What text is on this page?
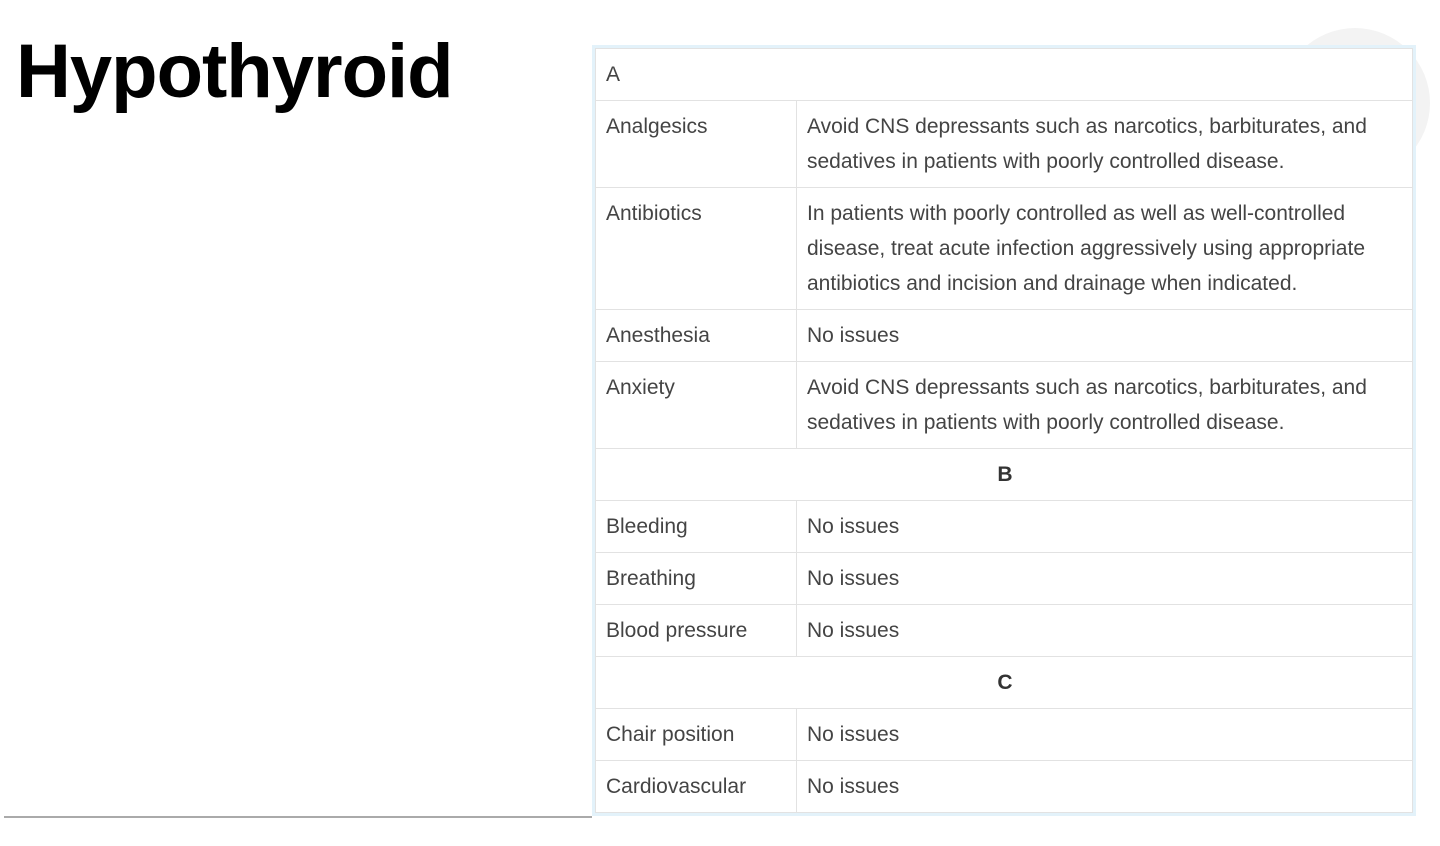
Hypothyroid	A	
Analgesics	Avoid CNS depressants such as narcotics, barbiturates, and sedatives in patients with poorly controlled disease.
Antibiotics	In patients with poorly controlled as well as well-controlled disease, treat acute infection aggressively using appropriate antibiotics and incision and drainage when indicated.
Anesthesia	No issues
Anxiety	Avoid CNS depressants such as narcotics, barbiturates, and sedatives in patients with poorly controlled disease.
B	
Bleeding	No issues
Breathing	No issues
Blood pressure	No issues
C	
Chair position	No issues
Cardiovascular	No issues
